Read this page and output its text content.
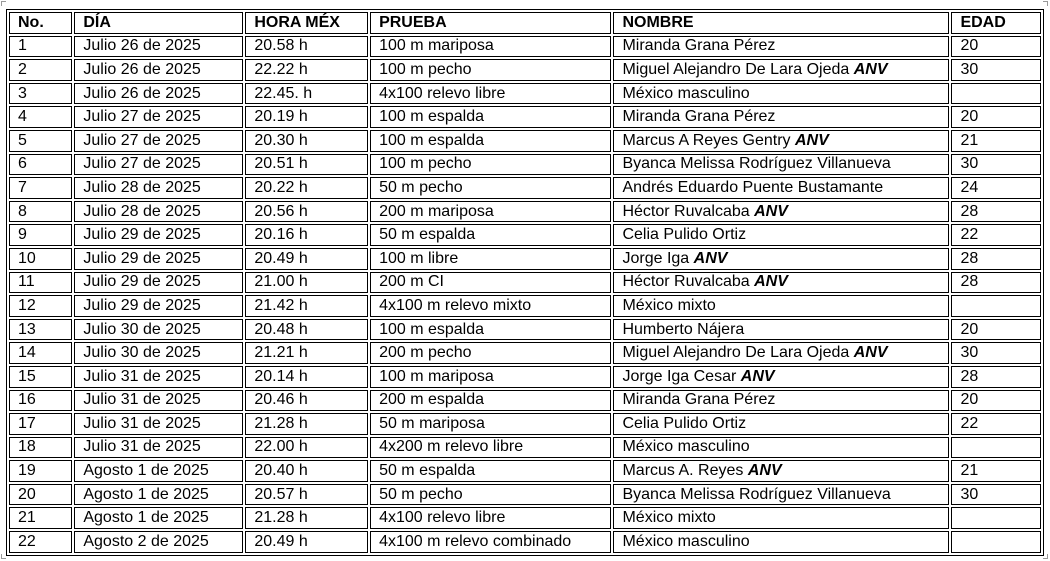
No.	DÍA	HORA MÉX	PRUEBA	NOMBRE	EDAD
1	Julio 26 de 2025	20.58 h	100 m mariposa	Miranda Grana Pérez	20
2	Julio 26 de 2025	22.22 h	100 m pecho	Miguel Alejandro De Lara Ojeda ANV	30
3	Julio 26 de 2025	22.45. h	4x100 relevo libre	México masculino	
4	Julio 27 de 2025	20.19 h	100 m espalda	Miranda Grana Pérez	20
5	Julio 27 de 2025	20.30 h	100 m espalda	Marcus A Reyes Gentry ANV	21
6	Julio 27 de 2025	20.51 h	100 m pecho	Byanca Melissa Rodríguez Villanueva	30
7	Julio 28 de 2025	20.22 h	50 m pecho	Andrés Eduardo Puente Bustamante	24
8	Julio 28 de 2025	20.56 h	200 m mariposa	Héctor Ruvalcaba ANV	28
9	Julio 29 de 2025	20.16 h	50 m espalda	Celia Pulido Ortiz	22
10	Julio 29 de 2025	20.49 h	100 m libre	Jorge Iga ANV	28
11	Julio 29 de 2025	21.00 h	200 m CI	Héctor Ruvalcaba ANV	28
12	Julio 29 de 2025	21.42 h	4x100 m relevo mixto	México mixto	
13	Julio 30 de 2025	20.48 h	100 m espalda	Humberto Nájera	20
14	Julio 30 de 2025	21.21 h	200 m pecho	Miguel Alejandro De Lara Ojeda ANV	30
15	Julio 31 de 2025	20.14 h	100 m mariposa	Jorge Iga Cesar ANV	28
16	Julio 31 de 2025	20.46 h	200 m espalda	Miranda Grana Pérez	20
17	Julio 31 de 2025	21.28 h	50 m mariposa	Celia Pulido Ortiz	22
18	Julio 31 de 2025	22.00 h	4x200 m relevo libre	México masculino	
19	Agosto 1 de 2025	20.40 h	50 m espalda	Marcus A. Reyes ANV	21
20	Agosto 1 de 2025	20.57 h	50 m pecho	Byanca Melissa Rodríguez Villanueva	30
21	Agosto 1 de 2025	21.28 h	4x100 relevo libre	México mixto	
22	Agosto 2 de 2025	20.49 h	4x100 m relevo combinado	México masculino	
